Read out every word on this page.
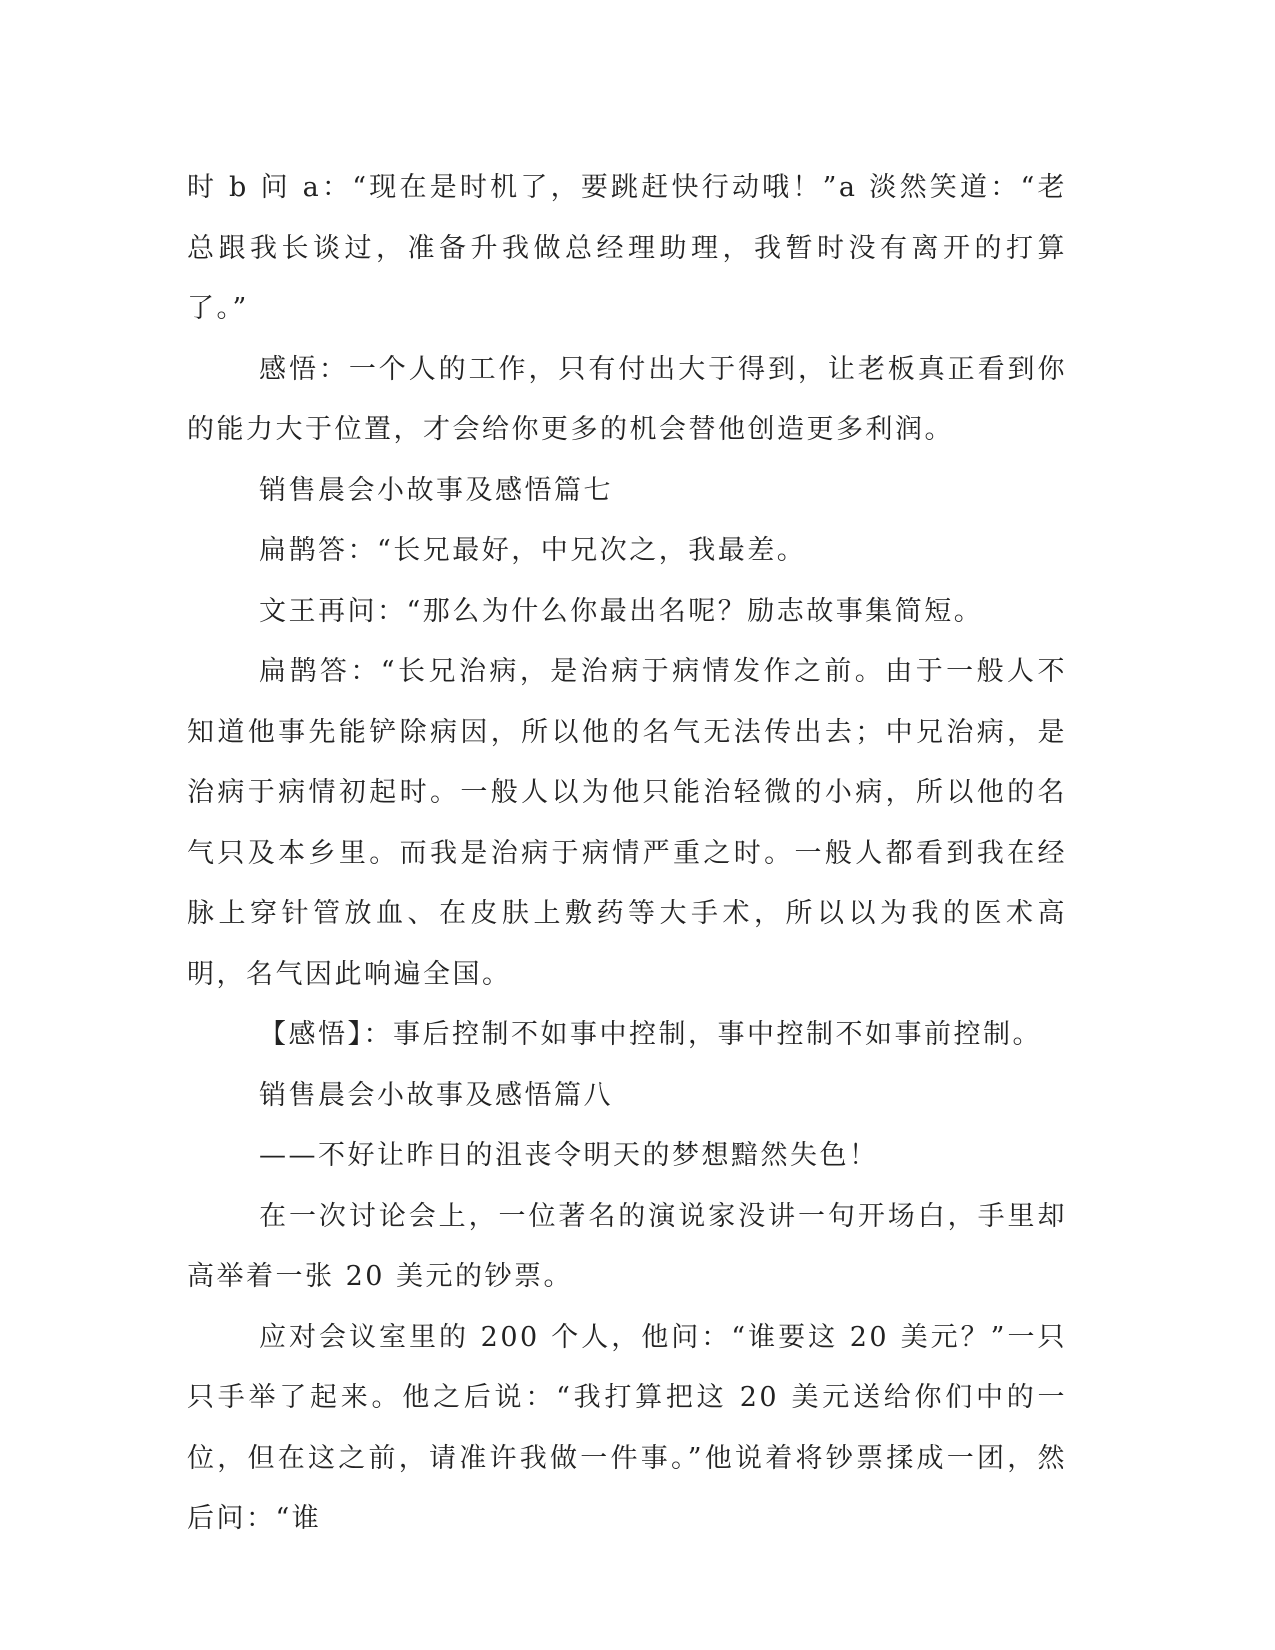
时 b 问 a：“现在是时机了，要跳赶快行动哦！”a 淡然笑道：“老总跟我长谈过，准备升我做总经理助理，我暂时没有离开的打算了。”

感悟：一个人的工作，只有付出大于得到，让老板真正看到你的能力大于位置，才会给你更多的机会替他创造更多利润。

销售晨会小故事及感悟篇七

扁鹊答：“长兄最好，中兄次之，我最差。

文王再问：“那么为什么你最出名呢？励志故事集简短。

扁鹊答：“长兄治病，是治病于病情发作之前。由于一般人不知道他事先能铲除病因，所以他的名气无法传出去；中兄治病，是治病于病情初起时。一般人以为他只能治轻微的小病，所以他的名气只及本乡里。而我是治病于病情严重之时。一般人都看到我在经脉上穿针管放血、在皮肤上敷药等大手术，所以以为我的医术高明，名气因此响遍全国。

【感悟】：事后控制不如事中控制，事中控制不如事前控制。

销售晨会小故事及感悟篇八

——不好让昨日的沮丧令明天的梦想黯然失色！

在一次讨论会上，一位著名的演说家没讲一句开场白，手里却高举着一张 20 美元的钞票。

应对会议室里的 200 个人，他问：“谁要这 20 美元？”一只只手举了起来。他之后说：“我打算把这 20 美元送给你们中的一位，但在这之前，请准许我做一件事。”他说着将钞票揉成一团，然后问：“谁
